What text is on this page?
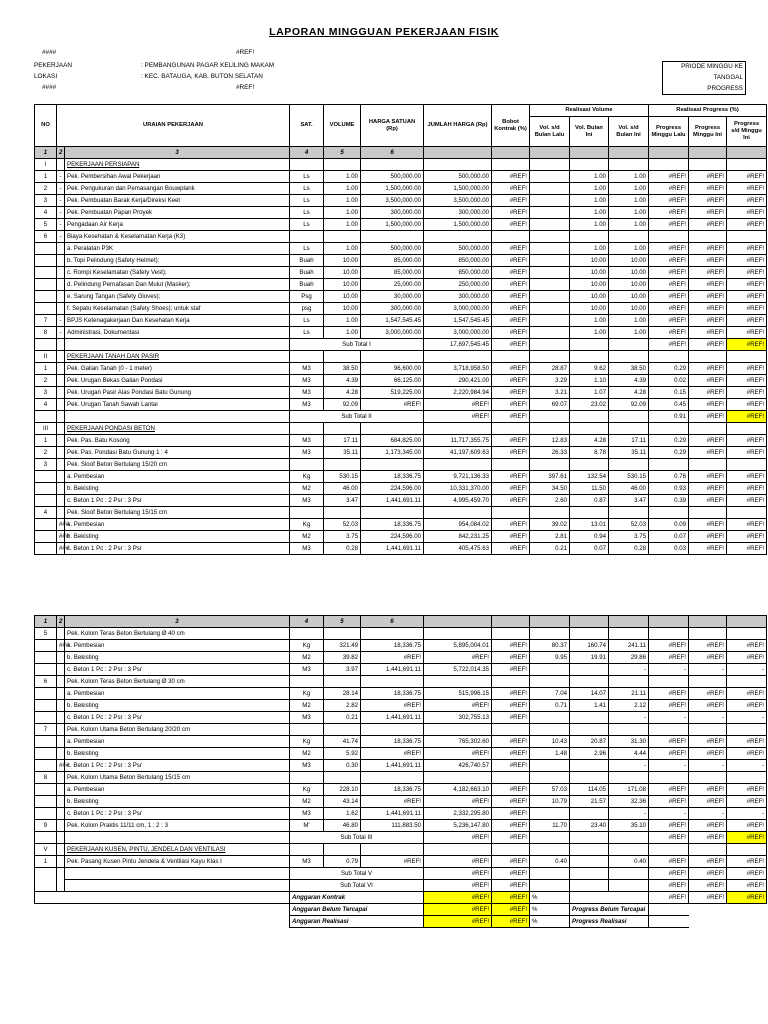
LAPORAN MINGGUAN PEKERJAAN FISIK
####	#REF!
PEKERJAAN	: PEMBANGUNAN PAGAR KELILING MAKAM
LOKASI	: KEC. BATAUGA, KAB. BUTON SELATAN
####	#REF!
PRIODE MINGGU KE
TANGGAL
PROGRESS
NO	URAIAN PEKERJAAN		SAT.	VOLUME	HARGA SATUAN (Rp)	JUMLAH HARGA (Rp)	Bobot Kontrak (%)	Realisasi Volume			Realisasi Progress (%)		
								Vol. s/d Bulan Lalu	Vol. Bulan Ini	Vol. s/d Bulan Ini	Progress Minggu Lalu	Progress Minggu Ini	Progress s/d Minggu Ini
1	2	3	4	5	6								
I		PEKERJAAN PERSIAPAN											
1	-	Pek. Pembersihan Awal Pekerjaan	Ls	1.00	500,000.00	500,000.00	#REF!		1.00	1.00	#REF!	#REF!	#REF!
2	-	Pek. Pengukuran dan Pemasangan Bouwplank	Ls	1.00	1,500,000.00	1,500,000.00	#REF!		1.00	1.00	#REF!	#REF!	#REF!
3	-	Pek. Pembuatan Barak Kerja/Direksi Keet	Ls	1.00	3,500,000.00	3,500,000.00	#REF!		1.00	1.00	#REF!	#REF!	#REF!
4	-	Pek. Pembuatan Papan Proyek	Ls	1.00	300,000.00	300,000.00	#REF!		1.00	1.00	#REF!	#REF!	#REF!
5	-	Pengadaan Air Kerja	Ls	1.00	1,500,000.00	1,500,000.00	#REF!		1.00	1.00	#REF!	#REF!	#REF!
6	-	Biaya Kesehatan & Keselamatan Kerja (K3)											
		a. Peralatan P3K	Ls	1.00	500,000.00	500,000.00	#REF!		1.00	1.00	#REF!	#REF!	#REF!
		b. Topi Pelindung (Safety Helmet);	Buah	10.00	85,000.00	850,000.00	#REF!		10.00	10.00	#REF!	#REF!	#REF!
		c. Rompi Keselamatan (Safety Vest);	Buah	10.00	85,000.00	850,000.00	#REF!		10.00	10.00	#REF!	#REF!	#REF!
		d. Pelindung Pernafasan Dan Mulut (Masker);	Buah	10.00	25,000.00	250,000.00	#REF!		10.00	10.00	#REF!	#REF!	#REF!
		e. Sarung Tangan (Safety Gloves);	Psg	10.00	30,000.00	300,000.00	#REF!		10.00	10.00	#REF!	#REF!	#REF!
		f. Sepatu Keselamatan (Safety Shoes); untuk staf	psg	10.00	300,000.00	3,000,000.00	#REF!		10.00	10.00	#REF!	#REF!	#REF!
7	-	BPJS Ketenagakerjaan Dan Kesehatan Kerja	Ls	1.00	1,547,545.45	1,547,545.45	#REF!		1.00	1.00	#REF!	#REF!	#REF!
8	-	Administrasi, Dokumentasi	Ls	1.00	3,000,000.00	3,000,000.00	#REF!		1.00	1.00	#REF!	#REF!	#REF!
			Sub Total I			17,697,545.45	#REF!				#REF!	#REF!	#REF!
II		PEKERJAAN TANAH DAN PASIR											
1		Pek. Galian Tanah (0 - 1 meter)	M3	38.50	96,600.00	3,718,958.50	#REF!	28.87	9.62	38.50	0.29	#REF!	#REF!
2		Pek. Urugan Bekas Galian Pondasi	M3	4.39	66,125.00	290,421.00	#REF!	3.29	1.10	4.39	0.02	#REF!	#REF!
3		Pek. Urugan Pasir Alas Pondasi Batu Gunung	M3	4.28	519,225.00	2,220,984.94	#REF!	3.21	1.07	4.28	0.15	#REF!	#REF!
4		Pek. Urugan Tanah Sawah Lantai	M3	92.09	#REF!	#REF!	#REF!	69.07	23.02	92.09	0.45	#REF!	#REF!
			Sub Total II			#REF!	#REF!				0.91	#REF!	#REF!
III		PEKERJAAN PONDASI BETON											
1		Pek. Pas. Batu Kosong	M3	17.11	684,825.00	11,717,355.75	#REF!	12.83	4.28	17.11	0.29	#REF!	#REF!
2		Pek. Pas. Pondasi Batu Gunung 1 : 4	M3	35.11	1,173,345.00	41,197,609.63	#REF!	26.33	8.78	35.11	0.29	#REF!	#REF!
3		Pek. Sloof Beton Bertulang 15/20 cm											
		a. Pembesian	Kg	530.15	18,336.75	9,721,136.33	#REF!	397.61	132.54	530.15	0.76	#REF!	#REF!
		b. Bekisting	M2	46.00	224,596.00	10,331,370.00	#REF!	34.50	11.50	46.00	0.93	#REF!	#REF!
		c. Beton 1 Pc : 2 Psr : 3 Psr	M3	3.47	1,441,691.11	4,995,459.70	#REF!	2.60	0.87	3.47	0.39	#REF!	#REF!
4		Pek. Sloof Beton Bertulang 15/15 cm											
	###	a. Pembesian	Kg	52.03	18,336.75	954,084.02	#REF!	39.02	13.01	52.03	0.09	#REF!	#REF!
	###	b. Bekisting	M2	3.75	224,596.00	842,231.25	#REF!	2.81	0.94	3.75	0.07	#REF!	#REF!
	###	c. Beton 1 Pc : 2 Psr : 3 Psr	M3	0.28	1,441,691.11	405,475.63	#REF!	0.21	0.07	0.28	0.03	#REF!	#REF!
1	2	3	4	5	6								
5		Pek. Kolom Teras Beton Bertulang Ø 40 cm											
	###	a. Pembesian	Kg	321.49	18,336.75	5,895,004.01	#REF!	80.37	160.74	241.11	#REF!	#REF!	#REF!
		b. Bekisting	M2	39.82	#REF!	#REF!	#REF!	9.95	19.91	29.86	#REF!	#REF!	#REF!
		c. Beton 1 Pc : 2 Psr : 3 Psr	M3	3.97	1,441,691.11	5,722,014.35	#REF!			-	-	-	-
6		Pek. Kolom Teras Beton Bertulang Ø 30 cm											
		a. Pembesian	Kg	28.14	18,336.75	515,996.15	#REF!	7.04	14.07	21.11	#REF!	#REF!	#REF!
		b. Bekisting	M2	2.82	#REF!	#REF!	#REF!	0.71	1.41	2.12	#REF!	#REF!	#REF!
		c. Beton 1 Pc : 2 Psr : 3 Psr	M3	0.21	1,441,691.11	302,755.13	#REF!			-	-	-	-
7		Pek. Kolom Utama Beton Bertulang 20/20 cm											
		a. Pembesian	Kg	41.74	18,336.75	765,302.60	#REF!	10.43	20.87	31.30	#REF!	#REF!	#REF!
		b. Bekisting	M2	5.92	#REF!	#REF!	#REF!	1.48	2.96	4.44	#REF!	#REF!	#REF!
	###	c. Beton 1 Pc : 2 Psr : 3 Psr	M3	0.30	1,441,691.11	426,740.57	#REF!			-	-	-	-
8		Pek. Kolom Utama Beton Bertulang 15/15 cm											
		a. Pembesian	Kg	228.10	18,336.75	4,182,663.10	#REF!	57.03	114.05	171.08	#REF!	#REF!	#REF!
		b. Bekisting	M2	43.14	#REF!	#REF!	#REF!	10.79	21.57	32.36	#REF!	#REF!	#REF!
		c. Beton 1 Pc : 2 Psr : 3 Psr	M3	1.62	1,441,691.11	2,332,295.80	#REF!			-	-	-	-
9		Pek. Kolom Praktis 11/11 cm, 1 : 2 : 3	M'	46.80	111,883.50	5,236,147.80	#REF!	11.70	23.40	35.10	#REF!	#REF!	#REF!
			Sub Total III			#REF!	#REF!				#REF!	#REF!	#REF!
V		PEKERJAAN KUSEN, PINTU, JENDELA DAN VENTILASI											
1		Pek. Pasang Kusen Pintu Jendela & Ventilasi Kayu Klas I	M3	0.79	#REF!	#REF!	#REF!	0.40		0.40	#REF!	#REF!	#REF!
			Sub Total V			#REF!	#REF!				#REF!	#REF!	#REF!
			Sub Total VI			#REF!	#REF!				#REF!	#REF!	#REF!
	Anggaran Kontrak	#REF!	#REF!	%		#REF!	#REF!	#REF!
	Anggaran Belum Tercapai	#REF!	#REF!	%	Progress Belum Tercapai			
	Anggaran Realisasi	#REF!	#REF!	%	Progress Realisasi			
